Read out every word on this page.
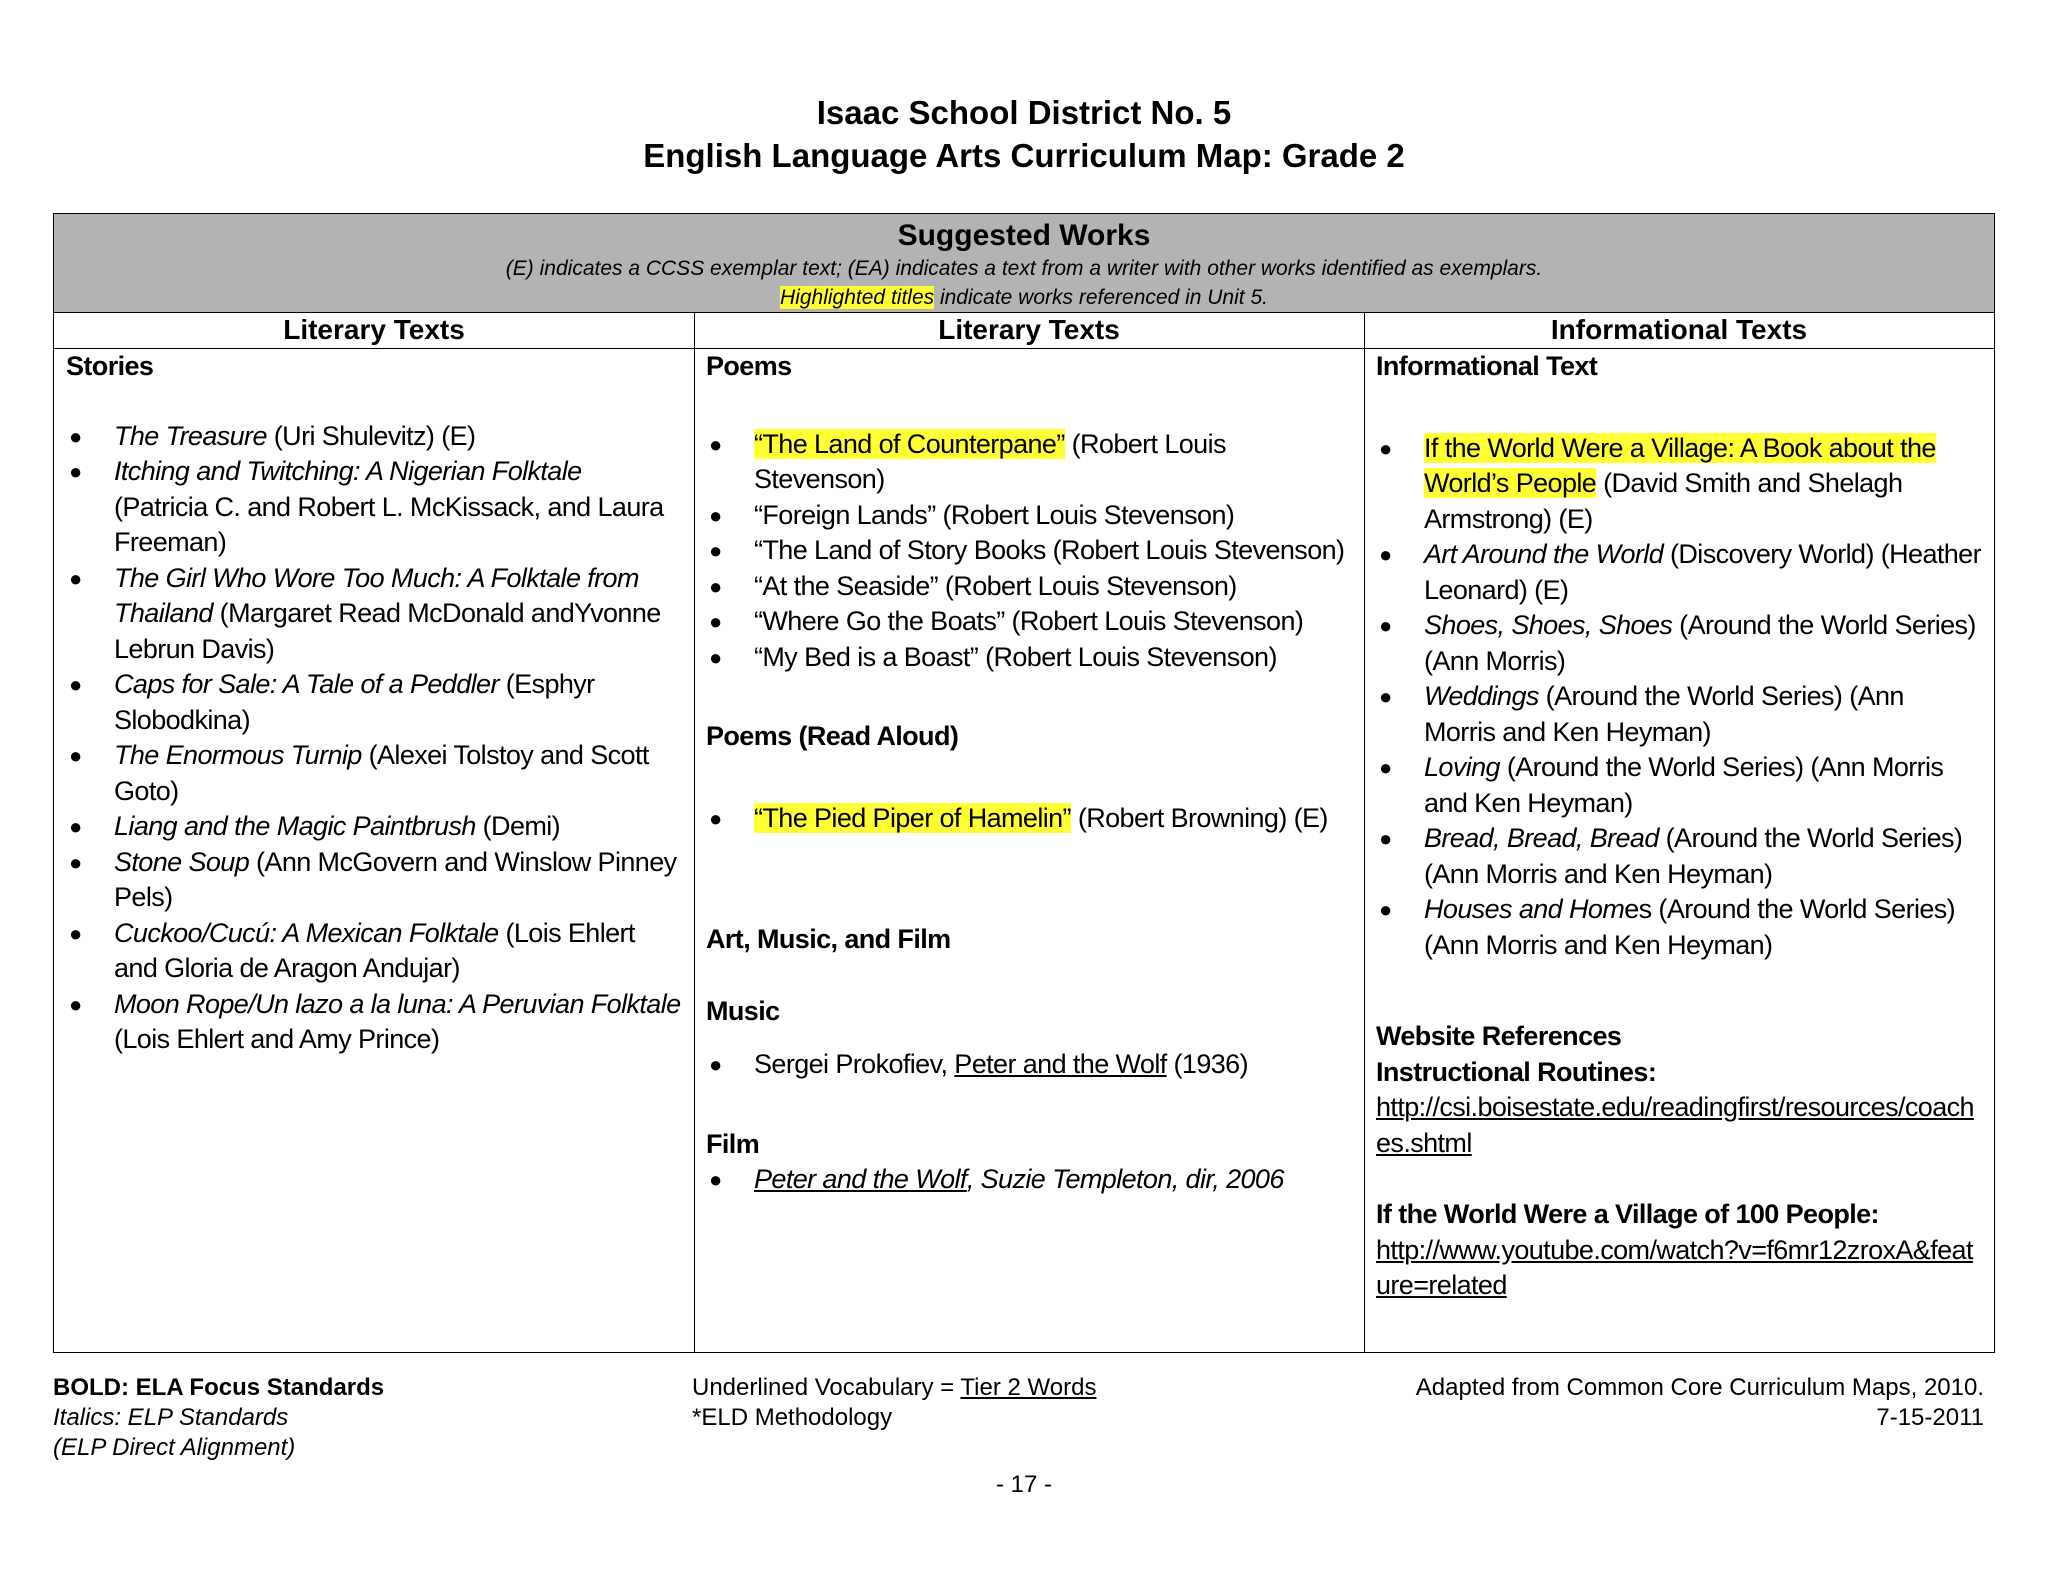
Isaac School District No. 5
English Language Arts Curriculum Map: Grade 2
Suggested Works
(E) indicates a CCSS exemplar text; (EA) indicates a text from a writer with other works identified as exemplars.
Highlighted titles indicate works referenced in Unit 5.
Literary Texts	Literary Texts	Informational Texts

Stories

● The Treasure (Uri Shulevitz) (E)
● Itching and Twitching: A Nigerian Folktale (Patricia C. and Robert L. McKissack, and Laura Freeman)
● The Girl Who Wore Too Much: A Folktale from Thailand (Margaret Read McDonald andYvonne Lebrun Davis)
● Caps for Sale: A Tale of a Peddler (Esphyr Slobodkina)
● The Enormous Turnip (Alexei Tolstoy and Scott Goto)
● Liang and the Magic Paintbrush (Demi)
● Stone Soup (Ann McGovern and Winslow Pinney Pels)
● Cuckoo/Cucú: A Mexican Folktale (Lois Ehlert and Gloria de Aragon Andujar)
● Moon Rope/Un lazo a la luna: A Peruvian Folktale (Lois Ehlert and Amy Prince)

Poems

● “The Land of Counterpane” (Robert Louis Stevenson)
● “Foreign Lands” (Robert Louis Stevenson)
● “The Land of Story Books (Robert Louis Stevenson)
● “At the Seaside” (Robert Louis Stevenson)
● “Where Go the Boats” (Robert Louis Stevenson)
● “My Bed is a Boast” (Robert Louis Stevenson)

Poems (Read Aloud)

● “The Pied Piper of Hamelin” (Robert Browning) (E)

Art, Music, and Film

Music

● Sergei Prokofiev, Peter and the Wolf (1936)

Film

● Peter and the Wolf, Suzie Templeton, dir, 2006

Informational Text

● If the World Were a Village: A Book about the World’s People (David Smith and Shelagh Armstrong) (E)
● Art Around the World (Discovery World) (Heather Leonard) (E)
● Shoes, Shoes, Shoes (Around the World Series) (Ann Morris)
● Weddings (Around the World Series) (Ann Morris and Ken Heyman)
● Loving (Around the World Series) (Ann Morris and Ken Heyman)
● Bread, Bread, Bread (Around the World Series) (Ann Morris and Ken Heyman)
● Houses and Homes (Around the World Series) (Ann Morris and Ken Heyman)

Website References

Instructional Routines:

http://csi.boisestate.edu/readingfirst/resources/coaches.shtml

If the World Were a Village of 100 People:

http://www.youtube.com/watch?v=f6mr12zroxA&feature=related

BOLD: ELA Focus Standards
Italics: ELP Standards
(ELP Direct Alignment)
Underlined Vocabulary = Tier 2 Words
*ELD Methodology
Adapted from Common Core Curriculum Maps, 2010.
7-15-2011
- 17 -
